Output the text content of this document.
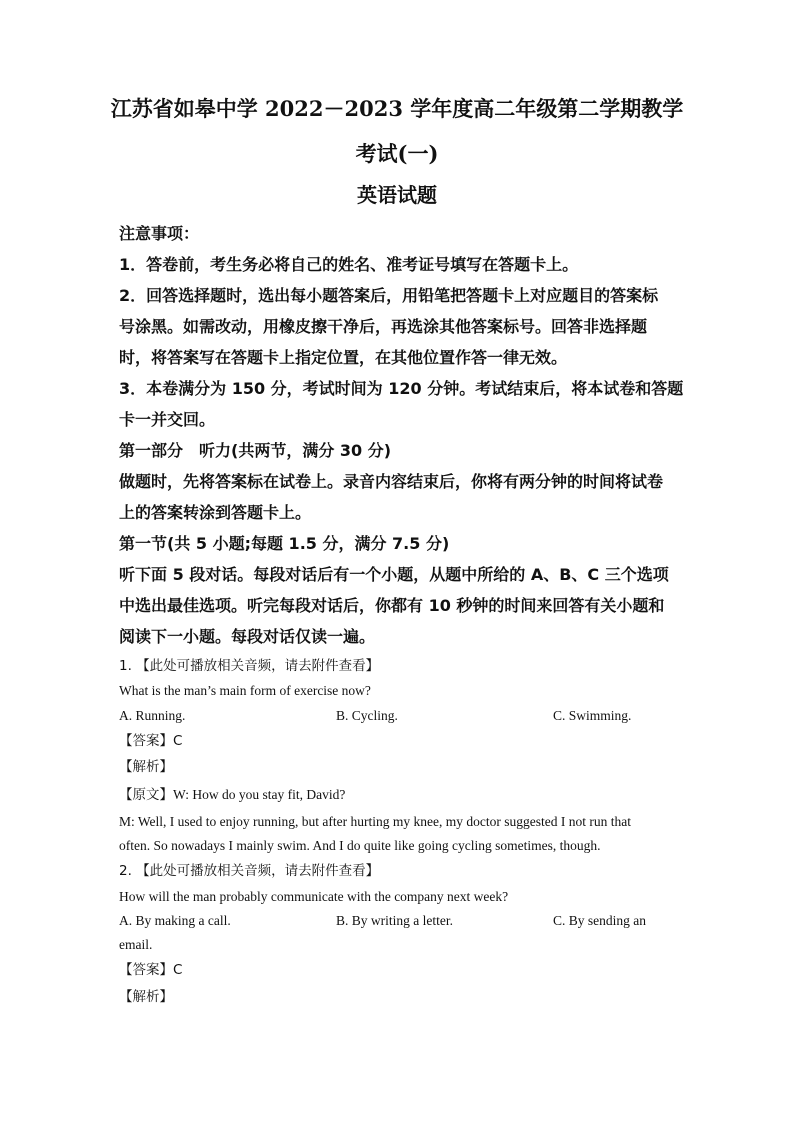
江苏省如皋中学 2022－2023 学年度高二年级第二学期教学
考试(一)
英语试题
注意事项：
1．答卷前，考生务必将自己的姓名、准考证号填写在答题卡上。
2．回答选择题时，选出每小题答案后，用铅笔把答题卡上对应题目的答案标
号涂黑。如需改动，用橡皮擦干净后，再选涂其他答案标号。回答非选择题
时，将答案写在答题卡上指定位置，在其他位置作答一律无效。
3．本卷满分为 150 分，考试时间为 120 分钟。考试结束后，将本试卷和答题
卡一并交回。
第一部分　听力(共两节，满分 30 分)
做题时，先将答案标在试卷上。录音内容结束后，你将有两分钟的时间将试卷
上的答案转涂到答题卡上。
第一节(共 5 小题;每题 1.5 分，满分 7.5 分)
听下面 5 段对话。每段对话后有一个小题，从题中所给的 A、B、C 三个选项
中选出最佳选项。听完每段对话后，你都有 10 秒钟的时间来回答有关小题和
阅读下一小题。每段对话仅读一遍。
1. 【此处可播放相关音频，请去附件查看】
What is the man’s main form of exercise now?
A. Running.	B. Cycling.	C. Swimming.
【答案】C
【解析】
【原文】W: How do you stay fit, David?
M: Well, I used to enjoy running, but after hurting my knee, my doctor suggested I not run that
often. So nowadays I mainly swim. And I do quite like going cycling sometimes, though.
2. 【此处可播放相关音频，请去附件查看】
How will the man probably communicate with the company next week?
A. By making a call.	B. By writing a letter.	C. By sending an
email.
【答案】C
【解析】
